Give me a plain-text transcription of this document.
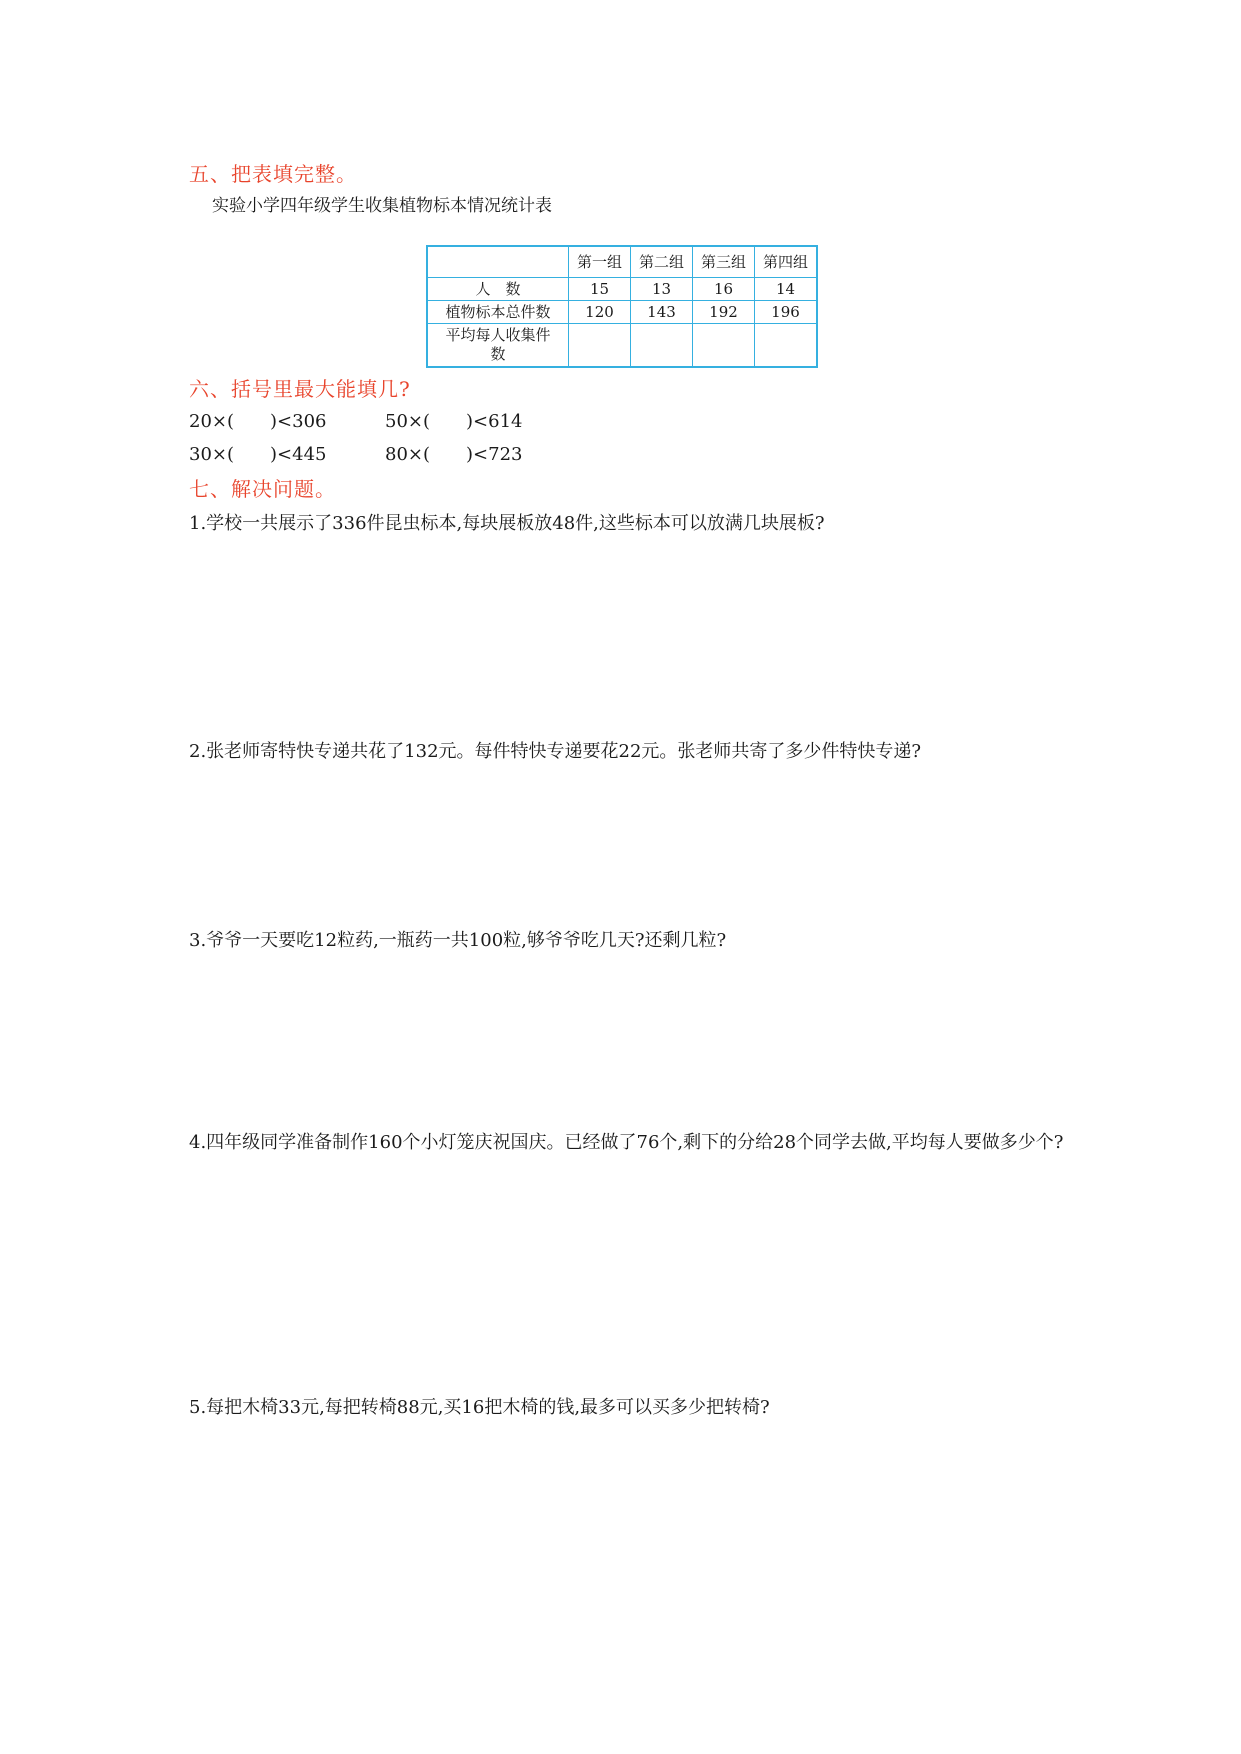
五、把表填完整。
实验小学四年级学生收集植物标本情况统计表
	第一组	第二组	第三组	第四组
人　数	15	13	16	14
植物标本总件数	120	143	192	196
平均每人收集件
数				
六、括号里最大能填几?
20×(　　)<306	50×(　　)<614
30×(　　)<445	80×(　　)<723
七、解决问题。
1.学校一共展示了336件昆虫标本,每块展板放48件,这些标本可以放满几块展板?
2.张老师寄特快专递共花了132元。每件特快专递要花22元。张老师共寄了多少件特快专递?
3.爷爷一天要吃12粒药,一瓶药一共100粒,够爷爷吃几天?还剩几粒?
4.四年级同学准备制作160个小灯笼庆祝国庆。已经做了76个,剩下的分给28个同学去做,平均每人要做多少个?
5.每把木椅33元,每把转椅88元,买16把木椅的钱,最多可以买多少把转椅?
